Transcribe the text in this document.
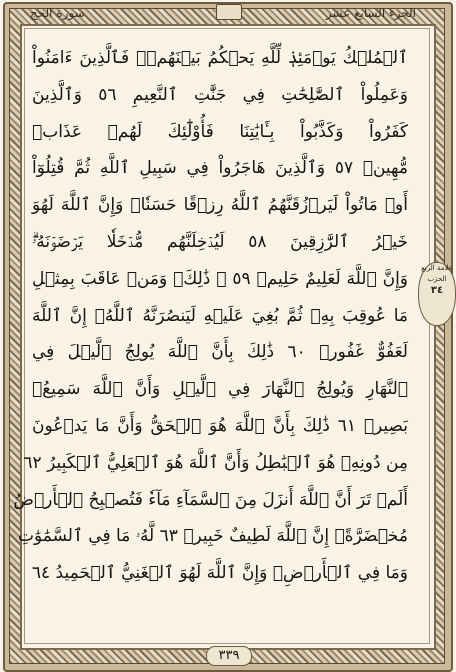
سورة الحج	الجزء السابع عشر
ٱلۡمُلۡكُ يَوۡمَئِذٖ لِّلَّهِ يَحۡكُمُ بَيۡنَهُمۡۚ فَٱلَّذِينَ ءَامَنُواْ
وَعَمِلُواْ ٱلصَّٰلِحَٰتِ فِي جَنَّٰتِ ٱلنَّعِيمِ ٥٦ وَٱلَّذِينَ
كَفَرُواْ وَكَذَّبُواْ بِـَٔايَٰتِنَا فَأُوْلَٰٓئِكَ لَهُمۡ عَذَابٞ
مُّهِينٞ ٥٧ وَٱلَّذِينَ هَاجَرُواْ فِي سَبِيلِ ٱللَّهِ ثُمَّ قُتِلُوٓاْ
أَوۡ مَاتُواْ لَيَرۡزُقَنَّهُمُ ٱللَّهُ رِزۡقًا حَسَنٗاۚ وَإِنَّ ٱللَّهَ لَهُوَ
خَيۡرُ ٱلرَّٰزِقِينَ ٥٨ لَيُدۡخِلَنَّهُم مُّدۡخَلٗا يَرۡضَوۡنَهُۥۗ
وَإِنَّ ٱللَّهَ لَعَلِيمٌ حَلِيمٞ ٥٩ ۞ ذَٰلِكَۖ وَمَنۡ عَاقَبَ بِمِثۡلِ
مَا عُوقِبَ بِهِۦ ثُمَّ بُغِيَ عَلَيۡهِ لَيَنصُرَنَّهُ ٱللَّهُۚ إِنَّ ٱللَّهَ
لَعَفُوٌّ غَفُورٞ ٦٠ ذَٰلِكَ بِأَنَّ ٱللَّهَ يُولِجُ ٱلَّيۡلَ فِي
ٱلنَّهَارِ وَيُولِجُ ٱلنَّهَارَ فِي ٱلَّيۡلِ وَأَنَّ ٱللَّهَ سَمِيعُۢ
بَصِيرٞ ٦١ ذَٰلِكَ بِأَنَّ ٱللَّهَ هُوَ ٱلۡحَقُّ وَأَنَّ مَا يَدۡعُونَ
مِن دُونِهِۦ هُوَ ٱلۡبَٰطِلُ وَأَنَّ ٱللَّهَ هُوَ ٱلۡعَلِيُّ ٱلۡكَبِيرُ ٦٢
أَلَمۡ تَرَ أَنَّ ٱللَّهَ أَنزَلَ مِنَ ٱلسَّمَآءِ مَآءٗ فَتُصۡبِحُ ٱلۡأَرۡضُ
مُخۡضَرَّةًۚ إِنَّ ٱللَّهَ لَطِيفٌ خَبِيرٞ ٦٣ لَّهُۥ مَا فِي ٱلسَّمَٰوَٰتِ
وَمَا فِي ٱلۡأَرۡضِۚ وَإِنَّ ٱللَّهَ لَهُوَ ٱلۡغَنِيُّ ٱلۡحَمِيدُ ٦٤
علامة الربع
الحزب
٣٤
٣٣٩
